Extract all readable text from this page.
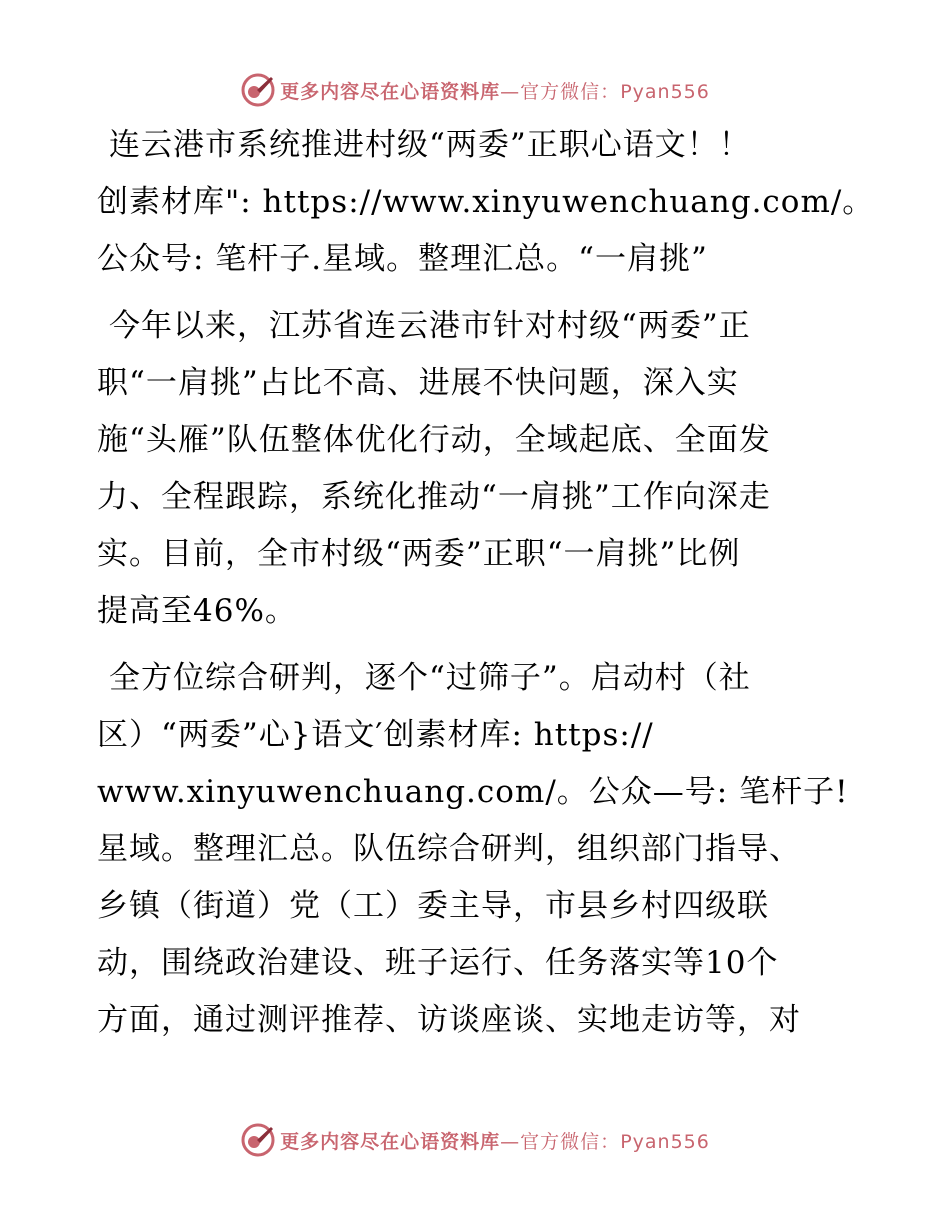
更多内容尽在心语资料库—官方微信：Pyan556
连云港市系统推进村级“两委”正职心语文！！
创素材库": https://www.xinyuwenchuang.com/。
公众号: 笔杆子.星域。整理汇总。“一肩挑”
今年以来，江苏省连云港市针对村级“两委”正
职“一肩挑”占比不高、进展不快问题，深入实
施“头雁”队伍整体优化行动，全域起底、全面发
力、全程跟踪，系统化推动“一肩挑”工作向深走
实。目前，全市村级“两委”正职“一肩挑”比例
提高至46%。
全方位综合研判，逐个“过筛子”。启动村（社
区）“两委”心}语文′创素材库: https://
www.xinyuwenchuang.com/。公众—号: 笔杆子!
星域。整理汇总。队伍综合研判，组织部门指导、
乡镇（街道）党（工）委主导，市县乡村四级联
动，围绕政治建设、班子运行、任务落实等10个
方面，通过测评推荐、访谈座谈、实地走访等，对
更多内容尽在心语资料库—官方微信：Pyan556
